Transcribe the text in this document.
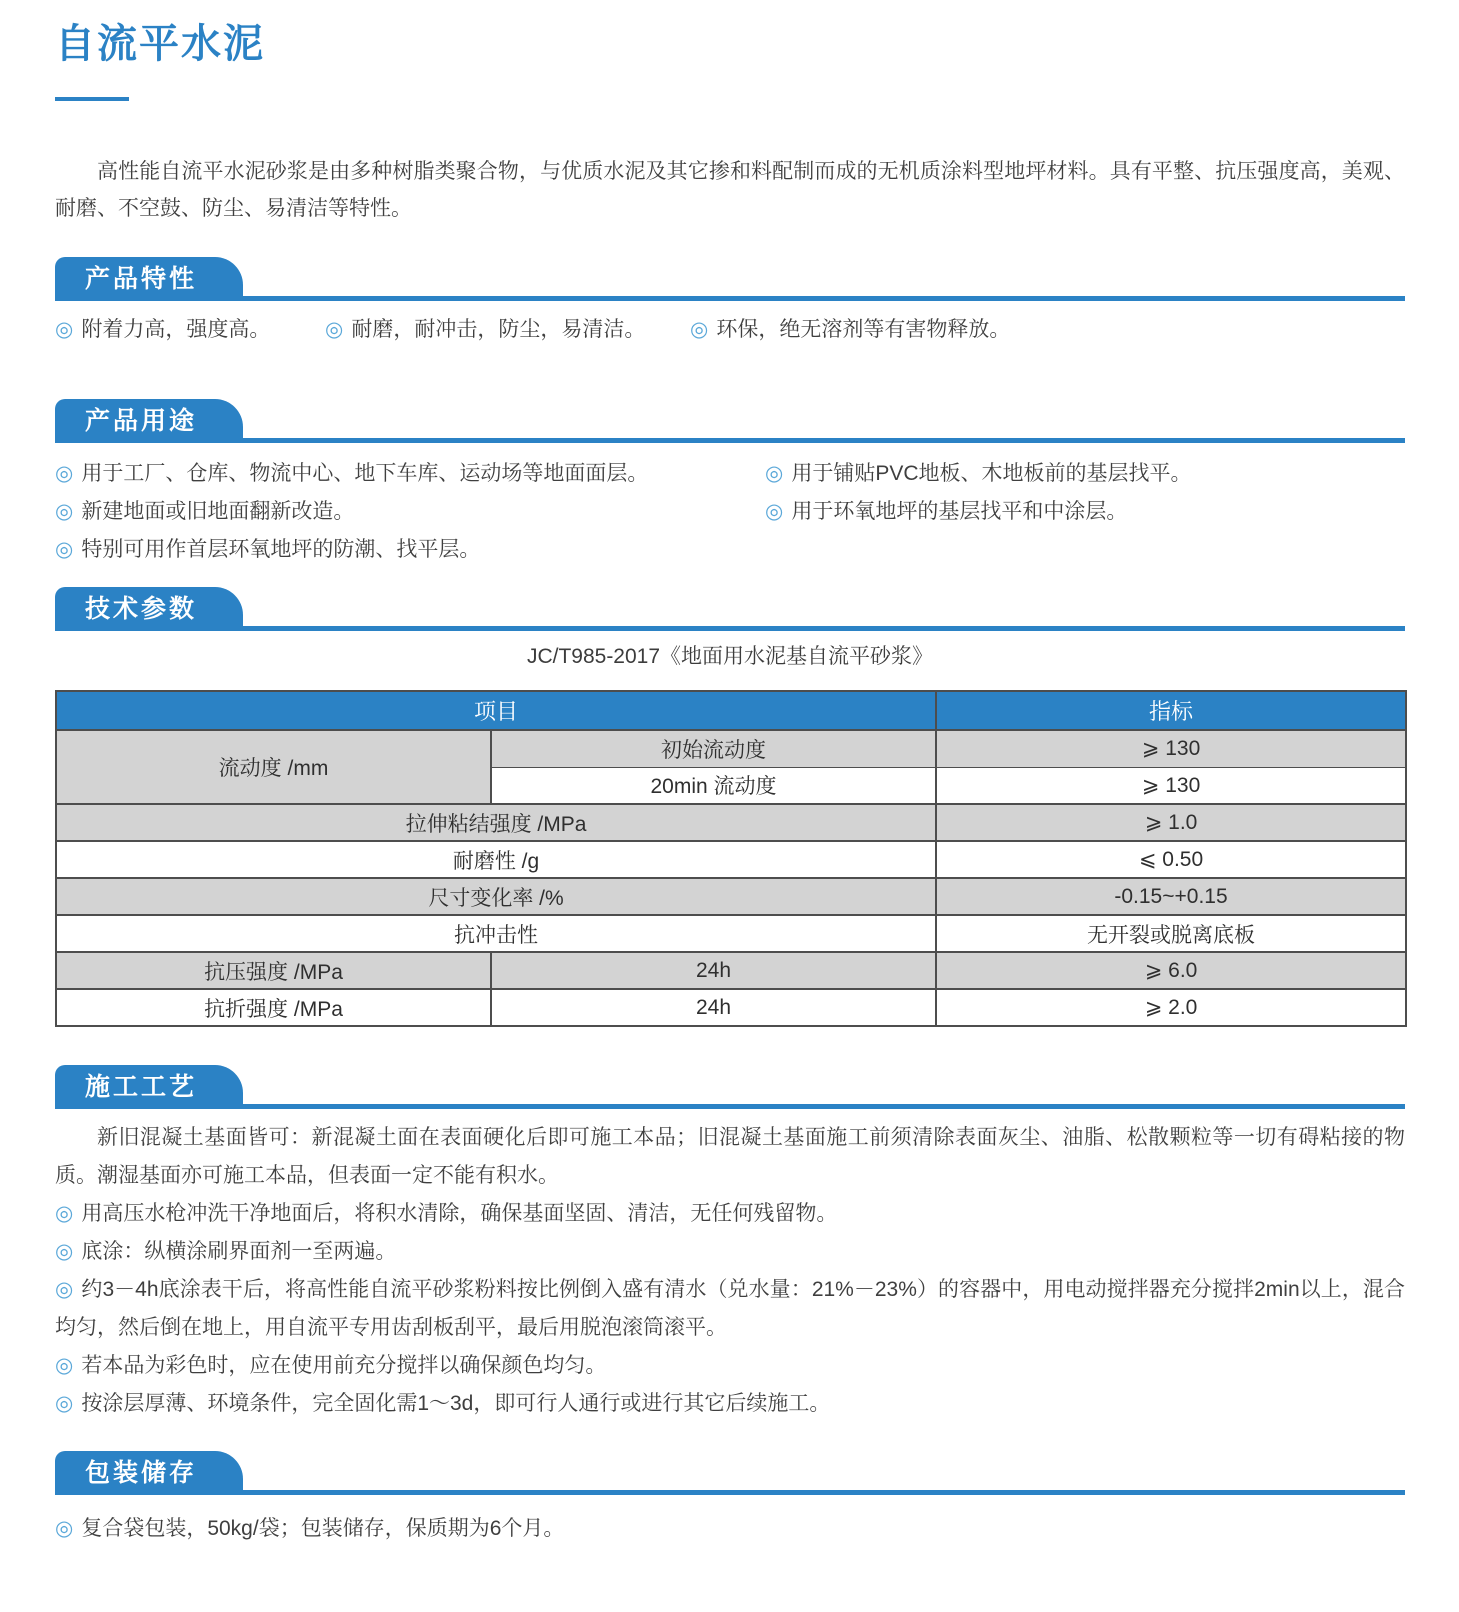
自流平水泥

高性能自流平水泥砂浆是由多种树脂类聚合物，与优质水泥及其它掺和料配制而成的无机质涂料型地坪材料。具有平整、抗压强度高，美观、耐磨、不空鼓、防尘、易清洁等特性。

产品特性
◎ 附着力高，强度高。	◎ 耐磨，耐冲击，防尘，易清洁。	◎ 环保，绝无溶剂等有害物释放。
产品用途
◎ 用于工厂、仓库、物流中心、地下车库、运动场等地面面层。	◎ 用于铺贴PVC地板、木地板前的基层找平。
◎ 新建地面或旧地面翻新改造。	◎ 用于环氧地坪的基层找平和中涂层。
◎ 特别可用作首层环氧地坪的防潮、找平层。
技术参数
JC/T985-2017《地面用水泥基自流平砂浆》
项目		指标
流动度 /mm	初始流动度	⩾ 130
	20min 流动度	⩾ 130
拉伸粘结强度 /MPa		⩾ 1.0
耐磨性 /g		⩽ 0.50
尺寸变化率 /%		-0.15~+0.15
抗冲击性		无开裂或脱离底板
抗压强度 /MPa	24h	⩾ 6.0
抗折强度 /MPa	24h	⩾ 2.0
施工工艺
新旧混凝土基面皆可：新混凝土面在表面硬化后即可施工本品；旧混凝土基面施工前须清除表面灰尘、油脂、松散颗粒等一切有碍粘接的物质。潮湿基面亦可施工本品，但表面一定不能有积水。
◎ 用高压水枪冲洗干净地面后，将积水清除，确保基面坚固、清洁，无任何残留物。
◎ 底涂：纵横涂刷界面剂一至两遍。
◎ 约3－4h底涂表干后，将高性能自流平砂浆粉料按比例倒入盛有清水（兑水量：21%－23%）的容器中，用电动搅拌器充分搅拌2min以上，混合均匀，然后倒在地上，用自流平专用齿刮板刮平，最后用脱泡滚筒滚平。
◎ 若本品为彩色时，应在使用前充分搅拌以确保颜色均匀。
◎ 按涂层厚薄、环境条件，完全固化需1～3d，即可行人通行或进行其它后续施工。
包装储存
◎ 复合袋包装，50kg/袋；包装储存，保质期为6个月。
